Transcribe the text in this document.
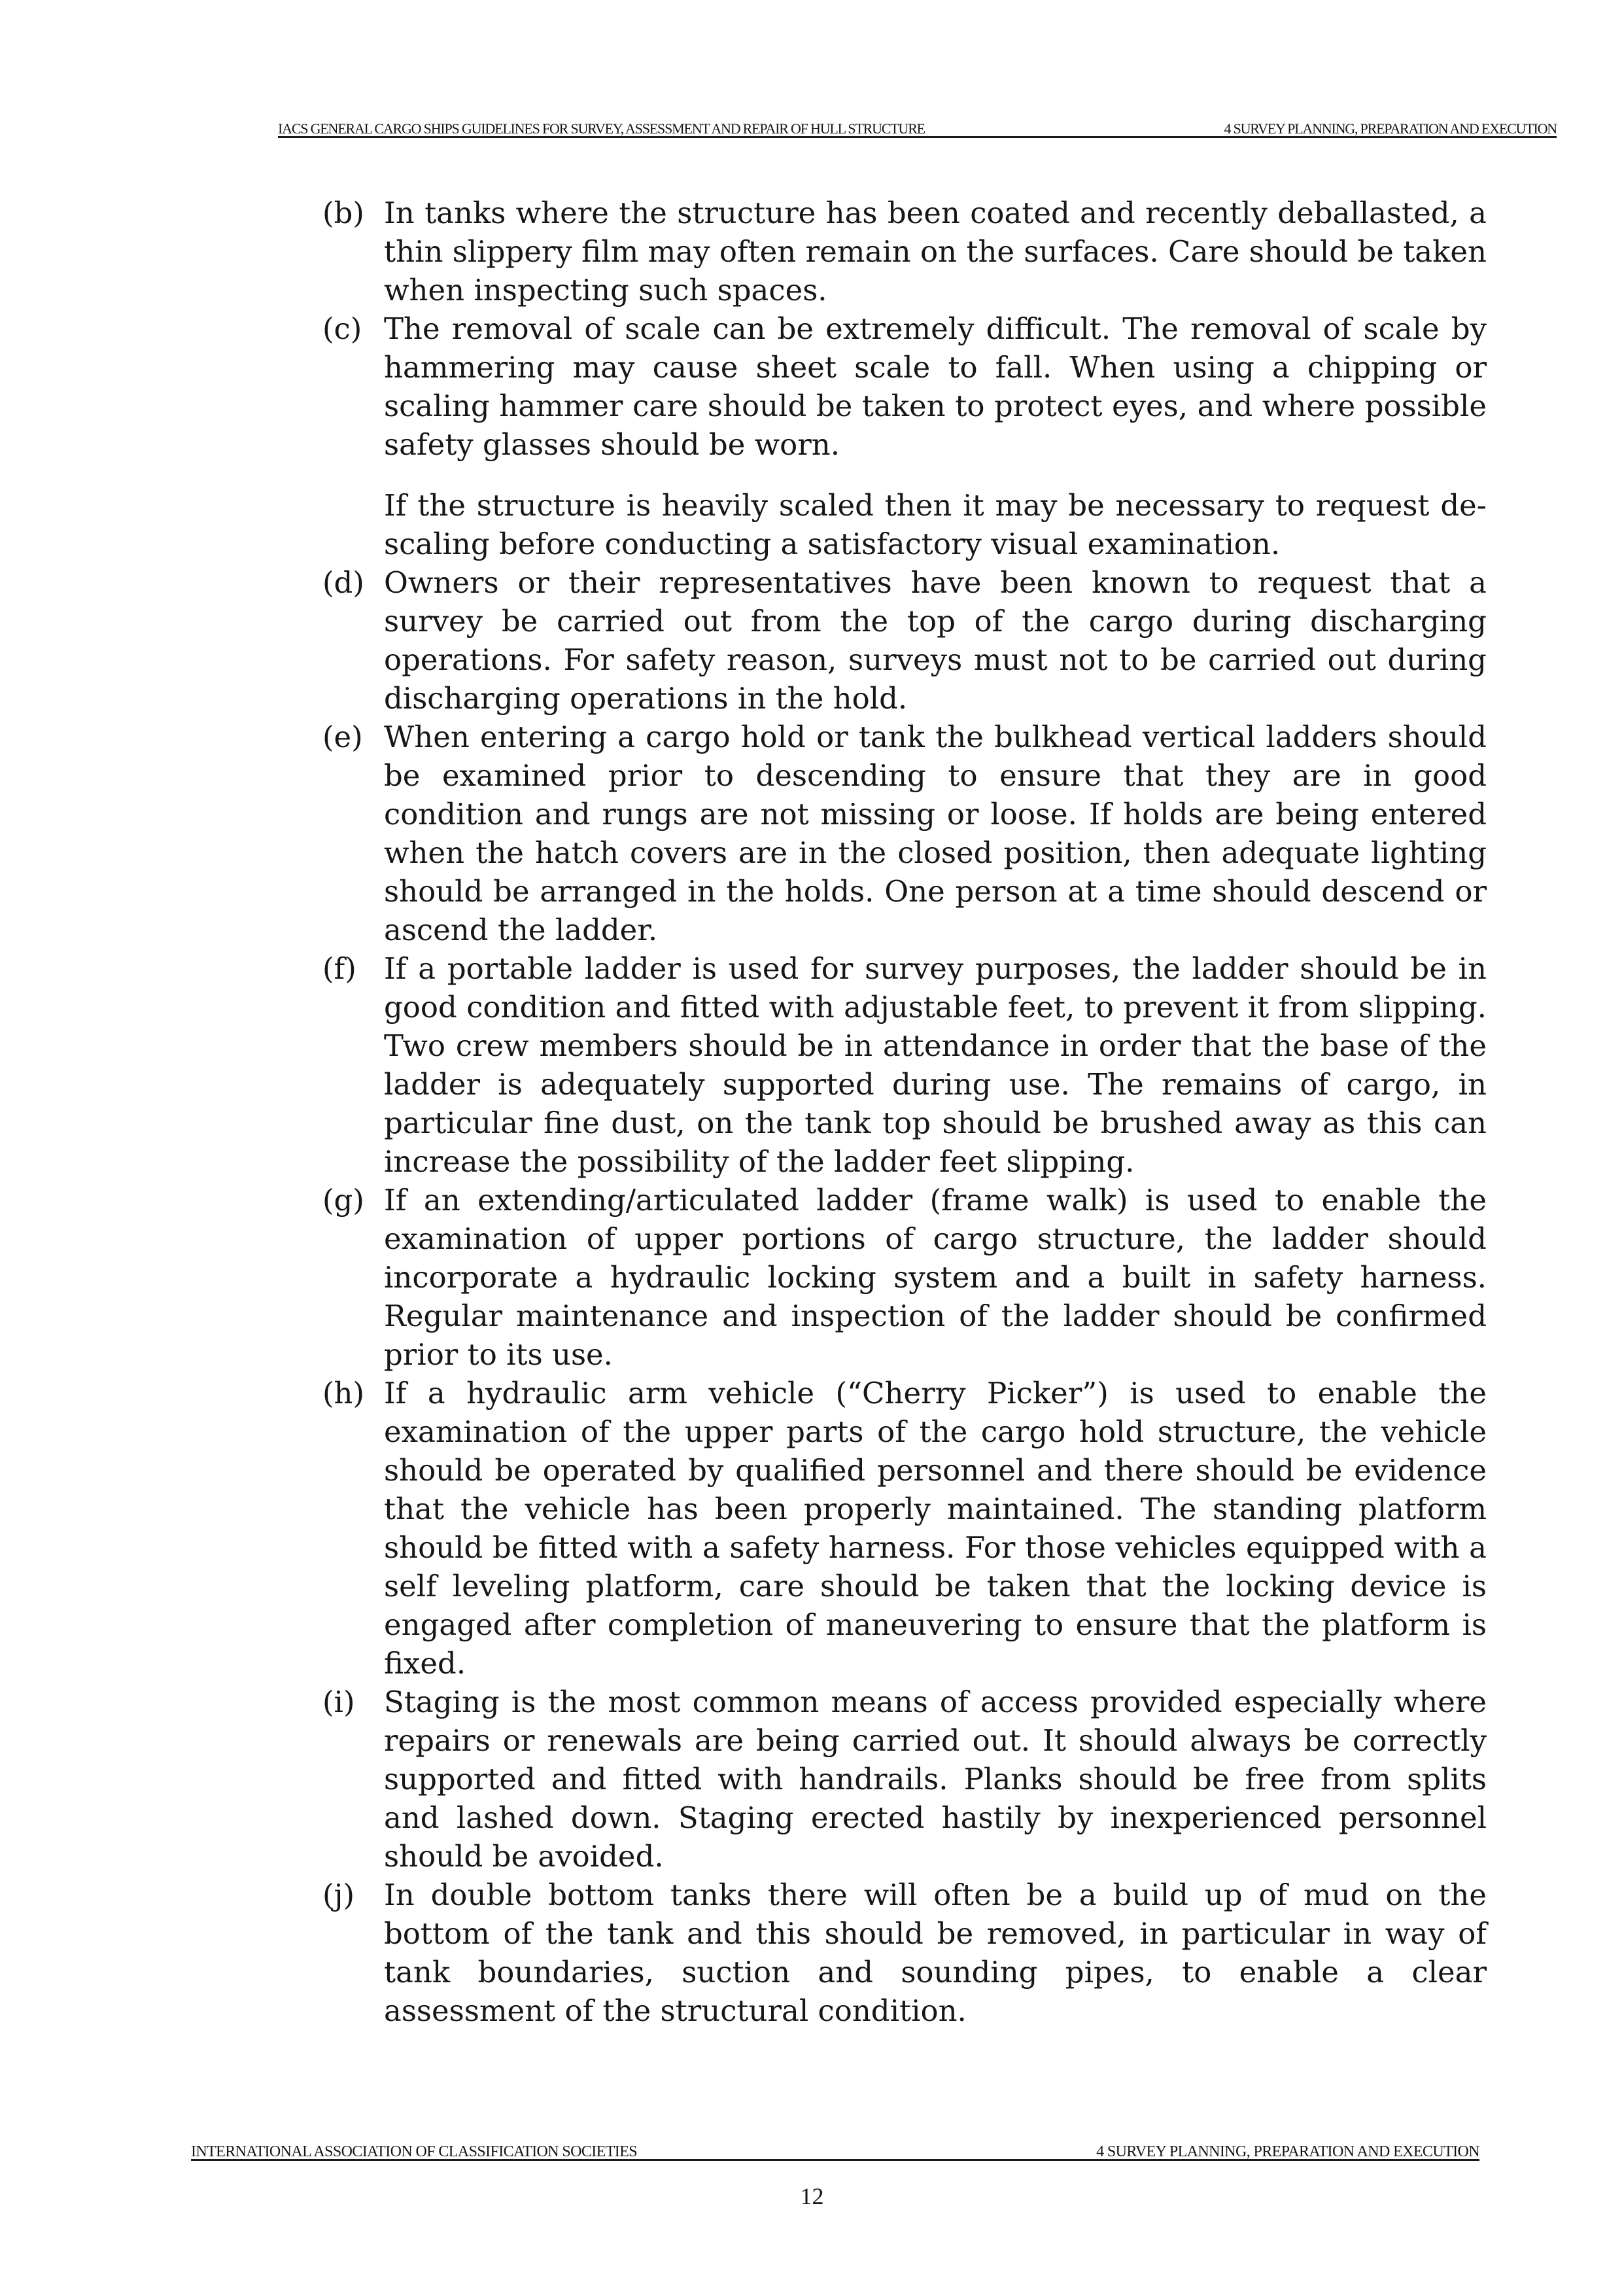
IACS GENERAL CARGO SHIPS GUIDELINES FOR SURVEY, ASSESSMENT AND REPAIR OF HULL STRUCTURE	4 SURVEY PLANNING, PREPARATION AND EXECUTION
(b) In tanks where the structure has been coated and recently deballasted, a thin slippery film may often remain on the surfaces. Care should be taken when inspecting such spaces.

(c) The removal of scale can be extremely difficult. The removal of scale by hammering may cause sheet scale to fall. When using a chipping or scaling hammer care should be taken to protect eyes, and where possible safety glasses should be worn.

If the structure is heavily scaled then it may be necessary to request de-scaling before conducting a satisfactory visual examination.

(d) Owners or their representatives have been known to request that a survey be carried out from the top of the cargo during discharging operations. For safety reason, surveys must not to be carried out during discharging operations in the hold.

(e) When entering a cargo hold or tank the bulkhead vertical ladders should be examined prior to descending to ensure that they are in good condition and rungs are not missing or loose. If holds are being entered when the hatch covers are in the closed position, then adequate lighting should be arranged in the holds. One person at a time should descend or ascend the ladder.

(f) If a portable ladder is used for survey purposes, the ladder should be in good condition and fitted with adjustable feet, to prevent it from slipping. Two crew members should be in attendance in order that the base of the ladder is adequately supported during use. The remains of cargo, in particular fine dust, on the tank top should be brushed away as this can increase the possibility of the ladder feet slipping.

(g) If an extending/articulated ladder (frame walk) is used to enable the examination of upper portions of cargo structure, the ladder should incorporate a hydraulic locking system and a built in safety harness. Regular maintenance and inspection of the ladder should be confirmed prior to its use.

(h) If a hydraulic arm vehicle (“Cherry Picker”) is used to enable the examination of the upper parts of the cargo hold structure, the vehicle should be operated by qualified personnel and there should be evidence that the vehicle has been properly maintained. The standing platform should be fitted with a safety harness. For those vehicles equipped with a self leveling platform, care should be taken that the locking device is engaged after completion of maneuvering to ensure that the platform is fixed.

(i) Staging is the most common means of access provided especially where repairs or renewals are being carried out. It should always be correctly supported and fitted with handrails. Planks should be free from splits and lashed down. Staging erected hastily by inexperienced personnel should be avoided.

(j) In double bottom tanks there will often be a build up of mud on the bottom of the tank and this should be removed, in particular in way of tank boundaries, suction and sounding pipes, to enable a clear assessment of the structural condition.

INTERNATIONAL ASSOCIATION OF CLASSIFICATION SOCIETIES	4 SURVEY PLANNING, PREPARATION AND EXECUTION
12
